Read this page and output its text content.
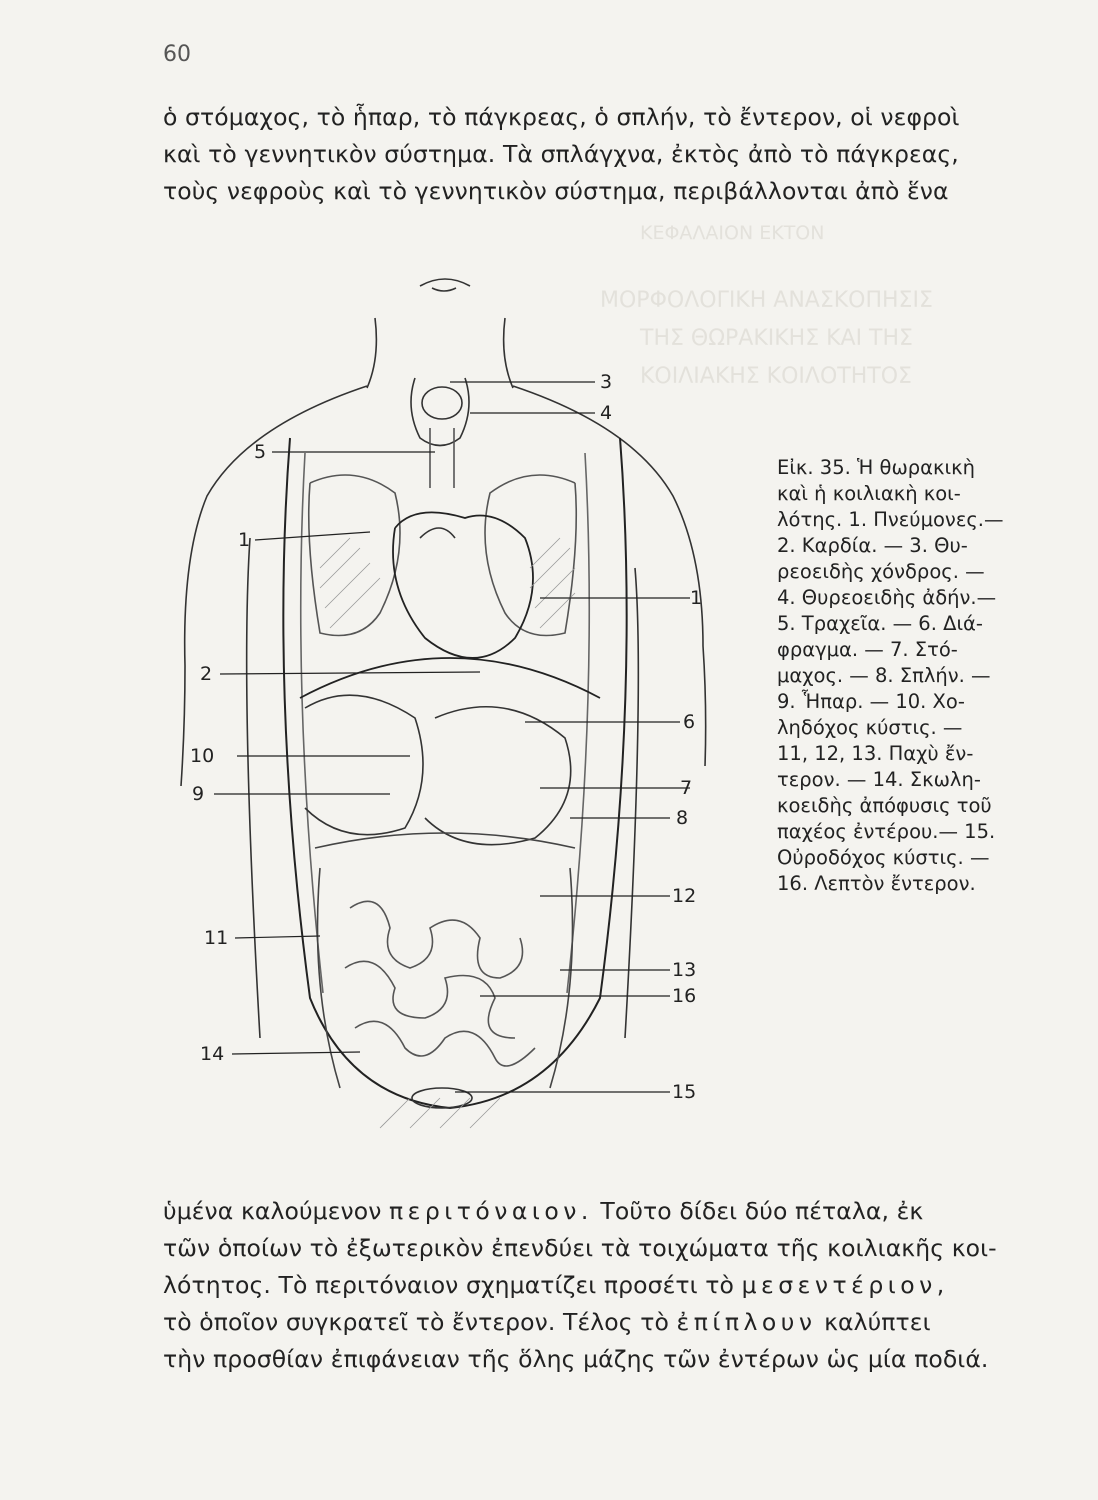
ΚΕΦΑΛΑΙΟΝ ΕΚΤΟΝ
ΜΟΡΦΟΛΟΓΙΚΗ ΑΝΑΣΚΟΠΗΣΙΣ
ΤΗΣ ΘΩΡΑΚΙΚΗΣ ΚΑΙ ΤΗΣ
ΚΟΙΛΙΑΚΗΣ ΚΟΙΛΟΤΗΤΟΣ
60
ὁ στόμαχος, τὸ ἧπαρ, τὸ πάγκρεας, ὁ σπλήν, τὸ ἔντερον, οἱ νεφροὶ
καὶ τὸ γεννητικὸν σύστημα. Τὰ σπλάγχνα, ἐκτὸς ἀπὸ τὸ πάγκρεας,
τοὺς νεφροὺς καὶ τὸ γεννητικὸν σύστημα, περιβάλλονται ἀπὸ ἕνα
5
1
2
10
9
11
14
3
4
1
6
7
8
12
13
16
15
Εἰκ. 35. Ἡ θωρακικὴ
καὶ ἡ κοιλιακὴ κοι-
λότης. 1. Πνεύμονες.—
2. Καρδία. — 3. Θυ-
ρεοειδὴς χόνδρος. —
4. Θυρεοειδὴς ἀδήν.—
5. Τραχεῖα. — 6. Διά-
φραγμα. — 7. Στό-
μαχος. — 8. Σπλήν. —
9. Ἧπαρ. — 10. Χο-
ληδόχος κύστις. —
11, 12, 13. Παχὺ ἔν-
τερον. — 14. Σκωλη-
κοειδὴς ἀπόφυσις τοῦ
παχέος ἐντέρου.— 15.
Οὐροδόχος κύστις. —
16. Λεπτὸν ἔντερον.
ὑμένα καλούμενον περιτόναιον. Τοῦτο δίδει δύο πέταλα, ἐκ
τῶν ὁποίων τὸ ἐξωτερικὸν ἐπενδύει τὰ τοιχώματα τῆς κοιλιακῆς κοι-
λότητος. Τὸ περιτόναιον σχηματίζει προσέτι τὸ μεσεντέριον,
τὸ ὁποῖον συγκρατεῖ τὸ ἔντερον. Τέλος τὸ ἐπίπλουν καλύπτει
τὴν προσθίαν ἐπιφάνειαν τῆς ὅλης μάζης τῶν ἐντέρων ὡς μία ποδιά.
